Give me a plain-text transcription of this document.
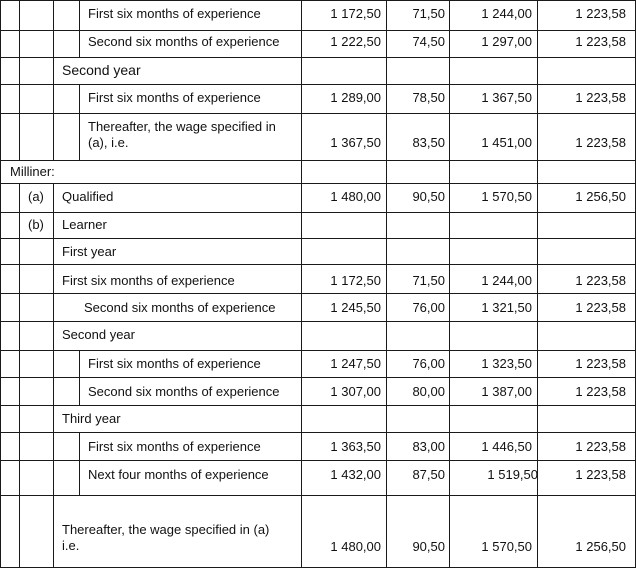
First six months of experience	1 172,50	71,50	1 244,00	1 223,58
Second six months of experience	1 222,50	74,50	1 297,00	1 223,58
Second year
First six months of experience	1 289,00	78,50	1 367,50	1 223,58
Thereafter, the wage specified in
(a), i.e.	1 367,50	83,50	1 451,00	1 223,58
Milliner:
(a) Qualified	1 480,00	90,50	1 570,50	1 256,50
(b) Learner
First year
First six months of experience	1 172,50	71,50	1 244,00	1 223,58
Second six months of experience	1 245,50	76,00	1 321,50	1 223,58
Second year
First six months of experience	1 247,50	76,00	1 323,50	1 223,58
Second six months of experience	1 307,00	80,00	1 387,00	1 223,58
Third year
First six months of experience	1 363,50	83,00	1 446,50	1 223,58
Next four months of experience	1 432,00	87,50	1 519,50	1 223,58
Thereafter, the wage specified in (a)
i.e.	1 480,00	90,50	1 570,50	1 256,50
